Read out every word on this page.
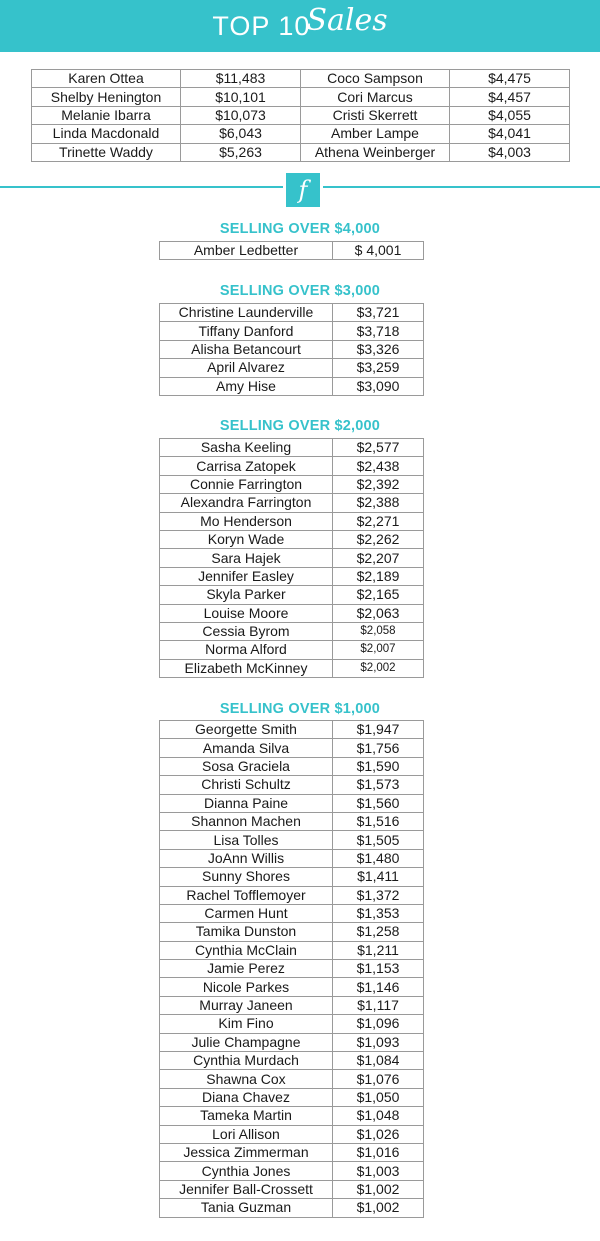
TOP 10
Sales
Karen Ottea	$11,483	Coco Sampson	$4,475
Shelby Henington	$10,101	Cori Marcus	$4,457
Melanie Ibarra	$10,073	Cristi Skerrett	$4,055
Linda Macdonald	$6,043	Amber Lampe	$4,041
Trinette Waddy	$5,263	Athena Weinberger	$4,003
f
SELLING OVER $4,000
Amber Ledbetter	$ 4,001
SELLING OVER $3,000
Christine Launderville	$3,721
Tiffany Danford	$3,718
Alisha Betancourt	$3,326
April Alvarez	$3,259
Amy Hise	$3,090
SELLING OVER $2,000
Sasha Keeling	$2,577
Carrisa Zatopek	$2,438
Connie Farrington	$2,392
Alexandra Farrington	$2,388
Mo Henderson	$2,271
Koryn Wade	$2,262
Sara Hajek	$2,207
Jennifer Easley	$2,189
Skyla Parker	$2,165
Louise Moore	$2,063
Cessia Byrom	$2,058
Norma Alford	$2,007
Elizabeth McKinney	$2,002
SELLING OVER $1,000
Georgette Smith	$1,947
Amanda Silva	$1,756
Sosa Graciela	$1,590
Christi Schultz	$1,573
Dianna Paine	$1,560
Shannon Machen	$1,516
Lisa Tolles	$1,505
JoAnn Willis	$1,480
Sunny Shores	$1,411
Rachel Tofflemoyer	$1,372
Carmen Hunt	$1,353
Tamika Dunston	$1,258
Cynthia McClain	$1,211
Jamie Perez	$1,153
Nicole Parkes	$1,146
Murray Janeen	$1,117
Kim Fino	$1,096
Julie Champagne	$1,093
Cynthia Murdach	$1,084
Shawna Cox	$1,076
Diana Chavez	$1,050
Tameka Martin	$1,048
Lori Allison	$1,026
Jessica Zimmerman	$1,016
Cynthia Jones	$1,003
Jennifer Ball-Crossett	$1,002
Tania Guzman	$1,002
